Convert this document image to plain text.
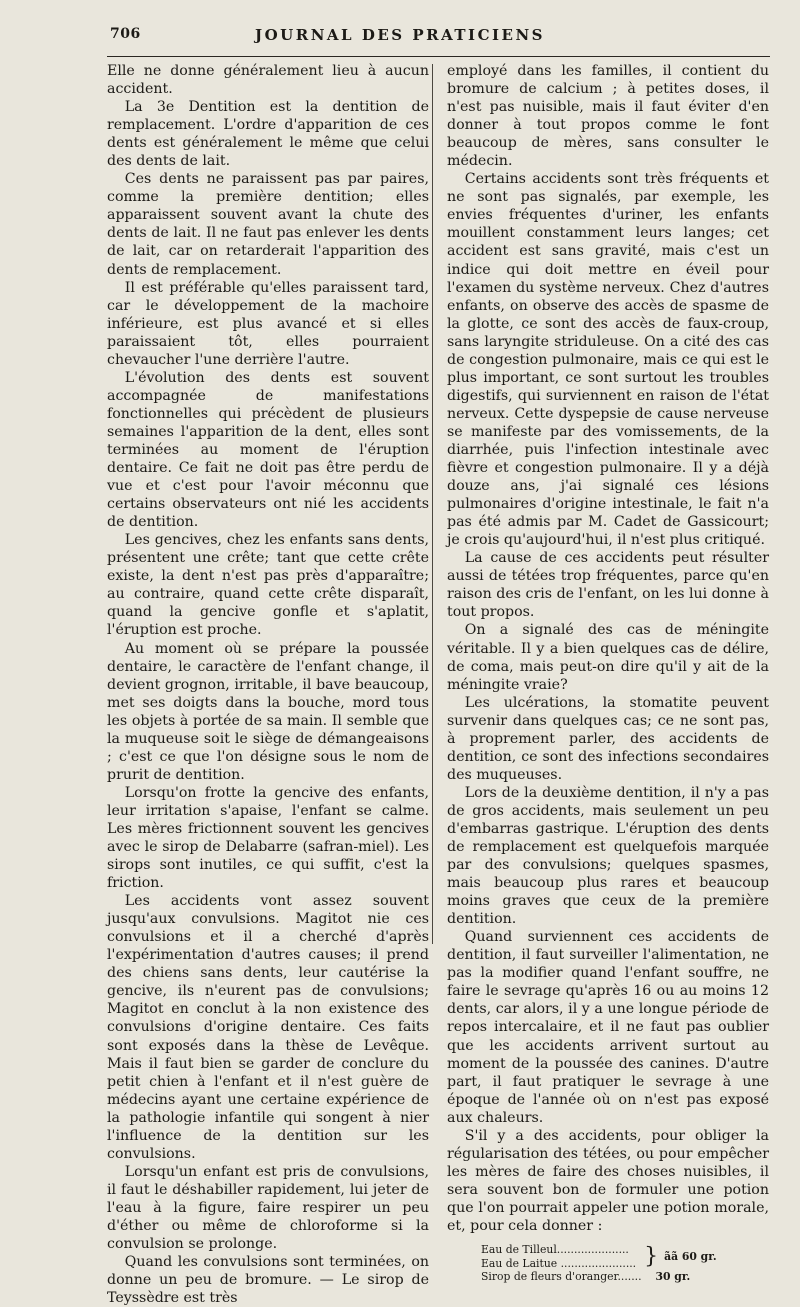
706	JOURNAL DES PRATICIENS

Elle ne donne généralement lieu à aucun accident.

La 3e Dentition est la dentition de remplacement. L'ordre d'apparition de ces dents est généralement le même que celui des dents de lait.

Ces dents ne paraissent pas par paires, comme la première dentition; elles apparaissent souvent avant la chute des dents de lait. Il ne faut pas enlever les dents de lait, car on retarderait l'apparition des dents de remplacement.

Il est préférable qu'elles paraissent tard, car le développement de la machoire inférieure, est plus avancé et si elles paraissaient tôt, elles pourraient chevaucher l'une derrière l'autre.

L'évolution des dents est souvent accompagnée de manifestations fonctionnelles qui précèdent de plusieurs semaines l'apparition de la dent, elles sont terminées au moment de l'éruption dentaire. Ce fait ne doit pas être perdu de vue et c'est pour l'avoir méconnu que certains observateurs ont nié les accidents de dentition.

Les gencives, chez les enfants sans dents, présentent une crête; tant que cette crête existe, la dent n'est pas près d'apparaître; au contraire, quand cette crête disparaît, quand la gencive gonfle et s'aplatit, l'éruption est proche.

Au moment où se prépare la poussée dentaire, le caractère de l'enfant change, il devient grognon, irritable, il bave beaucoup, met ses doigts dans la bouche, mord tous les objets à portée de sa main. Il semble que la muqueuse soit le siège de démangeaisons ; c'est ce que l'on désigne sous le nom de prurit de dentition.

Lorsqu'on frotte la gencive des enfants, leur irritation s'apaise, l'enfant se calme. Les mères frictionnent souvent les gencives avec le sirop de Delabarre (safran-miel). Les sirops sont inutiles, ce qui suffit, c'est la friction.

Les accidents vont assez souvent jusqu'aux convulsions. Magitot nie ces convulsions et il a cherché d'après l'expérimentation d'autres causes; il prend des chiens sans dents, leur cautérise la gencive, ils n'eurent pas de convulsions; Magitot en conclut à la non existence des convulsions d'origine dentaire. Ces faits sont exposés dans la thèse de Levêque. Mais il faut bien se garder de conclure du petit chien à l'enfant et il n'est guère de médecins ayant une certaine expérience de la pathologie infantile qui songent à nier l'influence de la dentition sur les convulsions.

Lorsqu'un enfant est pris de convulsions, il faut le déshabiller rapidement, lui jeter de l'eau à la figure, faire respirer un peu d'éther ou même de chloroforme si la convulsion se prolonge.

Quand les convulsions sont terminées, on donne un peu de bromure. — Le sirop de Teyssèdre est très

employé dans les familles, il contient du bromure de calcium ; à petites doses, il n'est pas nuisible, mais il faut éviter d'en donner à tout propos comme le font beaucoup de mères, sans consulter le médecin.

Certains accidents sont très fréquents et ne sont pas signalés, par exemple, les envies fréquentes d'uriner, les enfants mouillent constamment leurs langes; cet accident est sans gravité, mais c'est un indice qui doit mettre en éveil pour l'examen du système nerveux. Chez d'autres enfants, on observe des accès de spasme de la glotte, ce sont des accès de faux-croup, sans laryngite striduleuse. On a cité des cas de congestion pulmonaire, mais ce qui est le plus important, ce sont surtout les troubles digestifs, qui surviennent en raison de l'état nerveux. Cette dyspepsie de cause nerveuse se manifeste par des vomissements, de la diarrhée, puis l'infection intestinale avec fièvre et congestion pulmonaire. Il y a déjà douze ans, j'ai signalé ces lésions pulmonaires d'origine intestinale, le fait n'a pas été admis par M. Cadet de Gassicourt; je crois qu'aujourd'hui, il n'est plus critiqué.

La cause de ces accidents peut résulter aussi de tétées trop fréquentes, parce qu'en raison des cris de l'enfant, on les lui donne à tout propos.

On a signalé des cas de méningite véritable. Il y a bien quelques cas de délire, de coma, mais peut-on dire qu'il y ait de la méningite vraie?

Les ulcérations, la stomatite peuvent survenir dans quelques cas; ce ne sont pas, à proprement parler, des accidents de dentition, ce sont des infections secondaires des muqueuses.

Lors de la deuxième dentition, il n'y a pas de gros accidents, mais seulement un peu d'embarras gastrique. L'éruption des dents de remplacement est quelquefois marquée par des convulsions; quelques spasmes, mais beaucoup plus rares et beaucoup moins graves que ceux de la première dentition.

Quand surviennent ces accidents de dentition, il faut surveiller l'alimentation, ne pas la modifier quand l'enfant souffre, ne faire le sevrage qu'après 16 ou au moins 12 dents, car alors, il y a une longue période de repos intercalaire, et il ne faut pas oublier que les accidents arrivent surtout au moment de la poussée des canines. D'autre part, il faut pratiquer le sevrage à une époque de l'année où on n'est pas exposé aux chaleurs.

S'il y a des accidents, pour obliger la régularisation des tétées, ou pour empêcher les mères de faire des choses nuisibles, il sera souvent bon de formuler une potion que l'on pourrait appeler une potion morale, et, pour cela donner :

Eau de Tilleul.....................
Eau de Laitue ...................... } ãã 60 gr.
Sirop de fleurs d'oranger....... 30 gr.
